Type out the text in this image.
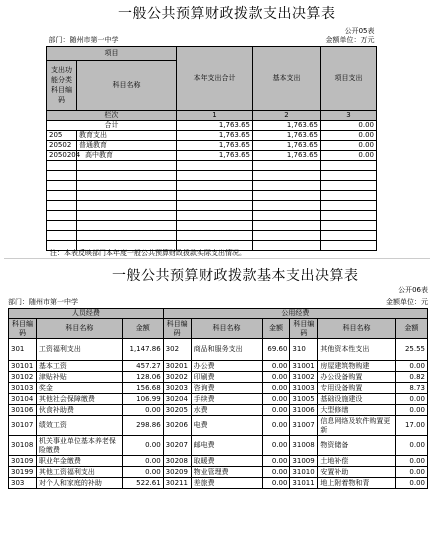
一般公共预算财政拨款支出决算表
				公开05表
部门：随州市第一中学			金额单位：万元	
项目		本年支出合计	基本支出	项目支出
支出功能分类科目编码	科目名称			
栏次		1	2	3
合计		1,763.65	1,763.65	0.00
205	教育支出	1,763.65	1,763.65	0.00
20502	普通教育	1,763.65	1,763.65	0.00
2050204	高中教育	1,763.65	1,763.65	0.00

注：本表反映部门本年度一般公共预算财政拨款实际支出情况。
一般公共预算财政拨款基本支出决算表
公开06表
部门：随州市第一中学	金额单位：元
人员经费			公用经费					
科目编码	科目名称	金额	科目编码	科目名称	金额	科目编码	科目名称	金额
301	工资福利支出	1,147.86	302	商品和服务支出	69.60	310	其他资本性支出	25.55
30101	基本工资	457.27	30201	办公费	0.00	31001	房屋建筑物购建	0.00
30102	津贴补贴	128.06	30202	印刷费	0.00	31002	办公设备购置	0.82
30103	奖金	156.68	30203	咨询费	0.00	31003	专用设备购置	8.73
30104	其他社会保障缴费	106.99	30204	手续费	0.00	31005	基础设施建设	0.00
30106	伙食补助费	0.00	30205	水费	0.00	31006	大型修缮	0.00
30107	绩效工资	298.86	30206	电费	0.00	31007	信息网络及软件购置更新	17.00
30108	机关事业单位基本养老保险缴费	0.00	30207	邮电费	0.00	31008	物资储备	0.00
30109	职业年金缴费	0.00	30208	取暖费	0.00	31009	土地补偿	0.00
30199	其他工资福利支出	0.00	30209	物业管理费	0.00	31010	安置补助	0.00
303	对个人和家庭的补助	522.61	30211	差旅费	0.00	31011	地上附着物和青	0.00
